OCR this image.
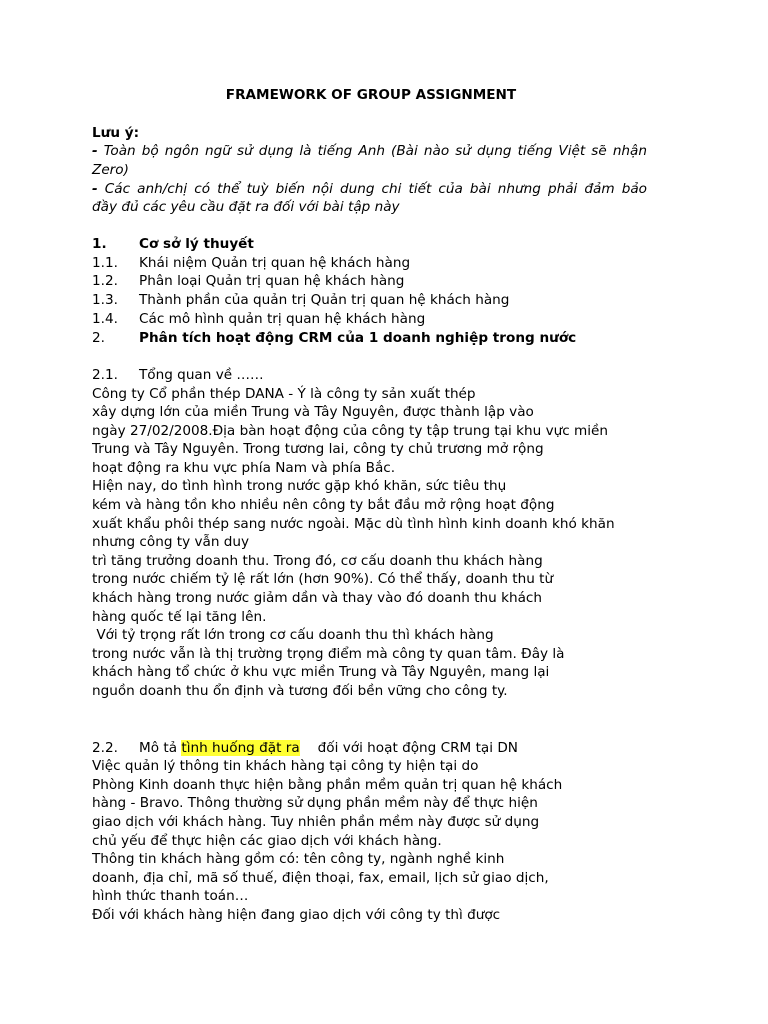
FRAMEWORK OF GROUP ASSIGNMENT
Lưu ý:
- Toàn bộ ngôn ngữ sử dụng là tiếng Anh (Bài nào sử dụng tiếng Việt sẽ nhận
Zero)
- Các anh/chị có thể tuỳ biến nội dung chi tiết của bài nhưng phải đảm bảo
đầy đủ các yêu cầu đặt ra đối với bài tập này
1. Cơ sở lý thuyết
1.1. Khái niệm Quản trị quan hệ khách hàng
1.2. Phân loại Quản trị quan hệ khách hàng
1.3. Thành phần của quản trị Quản trị quan hệ khách hàng
1.4. Các mô hình quản trị quan hệ khách hàng
2.	Phân tích hoạt động CRM của 1 doanh nghiệp trong nước
2.1. Tổng quan về ……
Công ty Cổ phần thép DANA - Ý là công ty sản xuất thép
xây dựng lớn của miền Trung và Tây Nguyên, được thành lập vào
ngày 27/02/2008.Địa bàn hoạt động của công ty tập trung tại khu vực miền
Trung và Tây Nguyên. Trong tương lai, công ty chủ trương mở rộng
hoạt động ra khu vực phía Nam và phía Bắc.
Hiện nay, do tình hình trong nước gặp khó khăn, sức tiêu thụ
kém và hàng tồn kho nhiều nên công ty bắt đầu mở rộng hoạt động
xuất khẩu phôi thép sang nước ngoài. Mặc dù tình hình kinh doanh khó khăn
nhưng công ty vẫn duy
trì tăng trưởng doanh thu. Trong đó, cơ cấu doanh thu khách hàng
trong nước chiếm tỷ lệ rất lớn (hơn 90%). Có thể thấy, doanh thu từ
khách hàng trong nước giảm dần và thay vào đó doanh thu khách
hàng quốc tế lại tăng lên.
Với tỷ trọng rất lớn trong cơ cấu doanh thu thì khách hàng
trong nước vẫn là thị trường trọng điểm mà công ty quan tâm. Đây là
khách hàng tổ chức ở khu vực miền Trung và Tây Nguyên, mang lại
nguồn doanh thu ổn định và tương đối bền vững cho công ty.
2.2. Mô tả tình huống đặt ra đối với hoạt động CRM tại DN
Việc quản lý thông tin khách hàng tại công ty hiện tại do
Phòng Kinh doanh thực hiện bằng phần mềm quản trị quan hệ khách
hàng - Bravo. Thông thường sử dụng phần mềm này để thực hiện
giao dịch với khách hàng. Tuy nhiên phần mềm này được sử dụng
chủ yếu để thực hiện các giao dịch với khách hàng.
Thông tin khách hàng gồm có: tên công ty, ngành nghề kinh
doanh, địa chỉ, mã số thuế, điện thoại, fax, email, lịch sử giao dịch,
hình thức thanh toán…
Đối với khách hàng hiện đang giao dịch với công ty thì được
